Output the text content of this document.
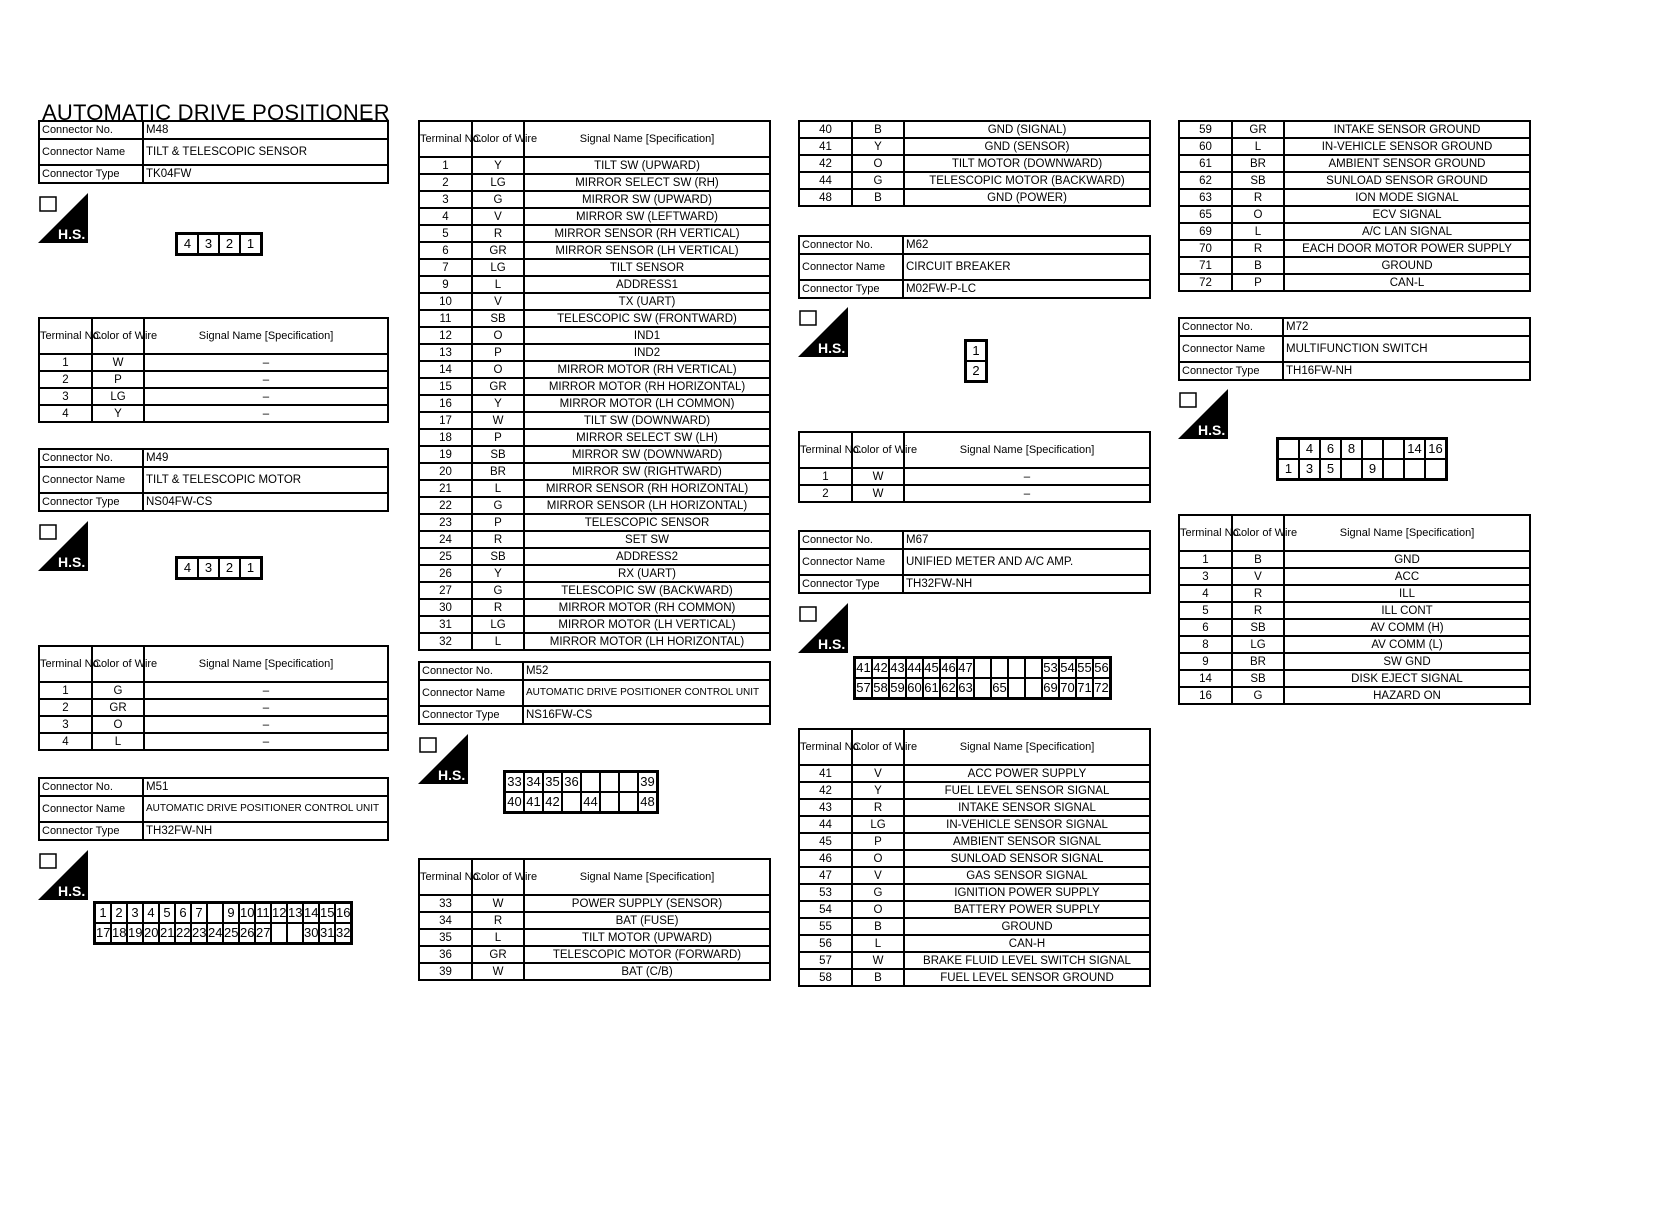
AUTOMATIC DRIVE POSITIONER
Connector No.	M48
Connector Name	TILT & TELESCOPIC SENSOR
Connector Type	TK04FW
Connector No.	M49
Connector Name	TILT & TELESCOPIC MOTOR
Connector Type	NS04FW-CS
Connector No.	M51
Connector Name	AUTOMATIC DRIVE POSITIONER CONTROL UNIT
Connector Type	TH32FW-NH
Connector No.	M52
Connector Name	AUTOMATIC DRIVE POSITIONER CONTROL UNIT
Connector Type	NS16FW-CS
Connector No.	M62
Connector Name	CIRCUIT BREAKER
Connector Type	M02FW-P-LC
Connector No.	M67
Connector Name	UNIFIED METER AND A/C AMP.
Connector Type	TH32FW-NH
Connector No.	M72
Connector Name	MULTIFUNCTION SWITCH
Connector Type	TH16FW-NH
Terminal No.	Color of Wire	Signal Name [Specification]
1	W	–
2	P	–
3	LG	–
4	Y	–
Terminal No.	Color of Wire	Signal Name [Specification]
1	G	–
2	GR	–
3	O	–
4	L	–
Terminal No.	Color of Wire	Signal Name [Specification]
1	Y	TILT SW (UPWARD)
2	LG	MIRROR SELECT SW (RH)
3	G	MIRROR SW (UPWARD)
4	V	MIRROR SW (LEFTWARD)
5	R	MIRROR SENSOR (RH VERTICAL)
6	GR	MIRROR SENSOR (LH VERTICAL)
7	LG	TILT SENSOR
9	L	ADDRESS1
10	V	TX (UART)
11	SB	TELESCOPIC SW (FRONTWARD)
12	O	IND1
13	P	IND2
14	O	MIRROR MOTOR (RH VERTICAL)
15	GR	MIRROR MOTOR (RH HORIZONTAL)
16	Y	MIRROR MOTOR (LH COMMON)
17	W	TILT SW (DOWNWARD)
18	P	MIRROR SELECT SW (LH)
19	SB	MIRROR SW (DOWNWARD)
20	BR	MIRROR SW (RIGHTWARD)
21	L	MIRROR SENSOR (RH HORIZONTAL)
22	G	MIRROR SENSOR (LH HORIZONTAL)
23	P	TELESCOPIC SENSOR
24	R	SET SW
25	SB	ADDRESS2
26	Y	RX (UART)
27	G	TELESCOPIC SW (BACKWARD)
30	R	MIRROR MOTOR (RH COMMON)
31	LG	MIRROR MOTOR (LH VERTICAL)
32	L	MIRROR MOTOR (LH HORIZONTAL)
Terminal No.	Color of Wire	Signal Name [Specification]
33	W	POWER SUPPLY (SENSOR)
34	R	BAT (FUSE)
35	L	TILT MOTOR (UPWARD)
36	GR	TELESCOPIC MOTOR (FORWARD)
39	W	BAT (C/B)
40	B	GND (SIGNAL)
41	Y	GND (SENSOR)
42	O	TILT MOTOR (DOWNWARD)
44	G	TELESCOPIC MOTOR (BACKWARD)
48	B	GND (POWER)
Terminal No.	Color of Wire	Signal Name [Specification]
1	W	–
2	W	–
Terminal No.	Color of Wire	Signal Name [Specification]
41	V	ACC POWER SUPPLY
42	Y	FUEL LEVEL SENSOR SIGNAL
43	R	INTAKE SENSOR SIGNAL
44	LG	IN-VEHICLE SENSOR SIGNAL
45	P	AMBIENT SENSOR SIGNAL
46	O	SUNLOAD SENSOR SIGNAL
47	V	GAS SENSOR SIGNAL
53	G	IGNITION POWER SUPPLY
54	O	BATTERY POWER SUPPLY
55	B	GROUND
56	L	CAN-H
57	W	BRAKE FLUID LEVEL SWITCH SIGNAL
58	B	FUEL LEVEL SENSOR GROUND
59	GR	INTAKE SENSOR GROUND
60	L	IN-VEHICLE SENSOR GROUND
61	BR	AMBIENT SENSOR GROUND
62	SB	SUNLOAD SENSOR GROUND
63	R	ION MODE SIGNAL
65	O	ECV SIGNAL
69	L	A/C LAN SIGNAL
70	R	EACH DOOR MOTOR POWER SUPPLY
71	B	GROUND
72	P	CAN-L
Terminal No.	Color of Wire	Signal Name [Specification]
1	B	GND
3	V	ACC
4	R	ILL
5	R	ILL CONT
6	SB	AV COMM (H)
8	LG	AV COMM (L)
9	BR	SW GND
14	SB	DISK EJECT SIGNAL
16	G	HAZARD ON
H.S.
H.S.
H.S.
H.S.
H.S.
H.S.
H.S.
4	3	2	1
4	3	2	1
1 2 3 4 5 6 7	9 10 11 12 13 14 15 16
17 18 19 20 21 22 23 24 25 26 27	30 31 32
33 34 35 36	39
40 41 42 44	48
1
2
41 42 43 44 45 46 47	53 54 55 56
57 58 59 60 61 62 63 65	69 70 71 72
4	6	8	14 16
1	3	5	9
